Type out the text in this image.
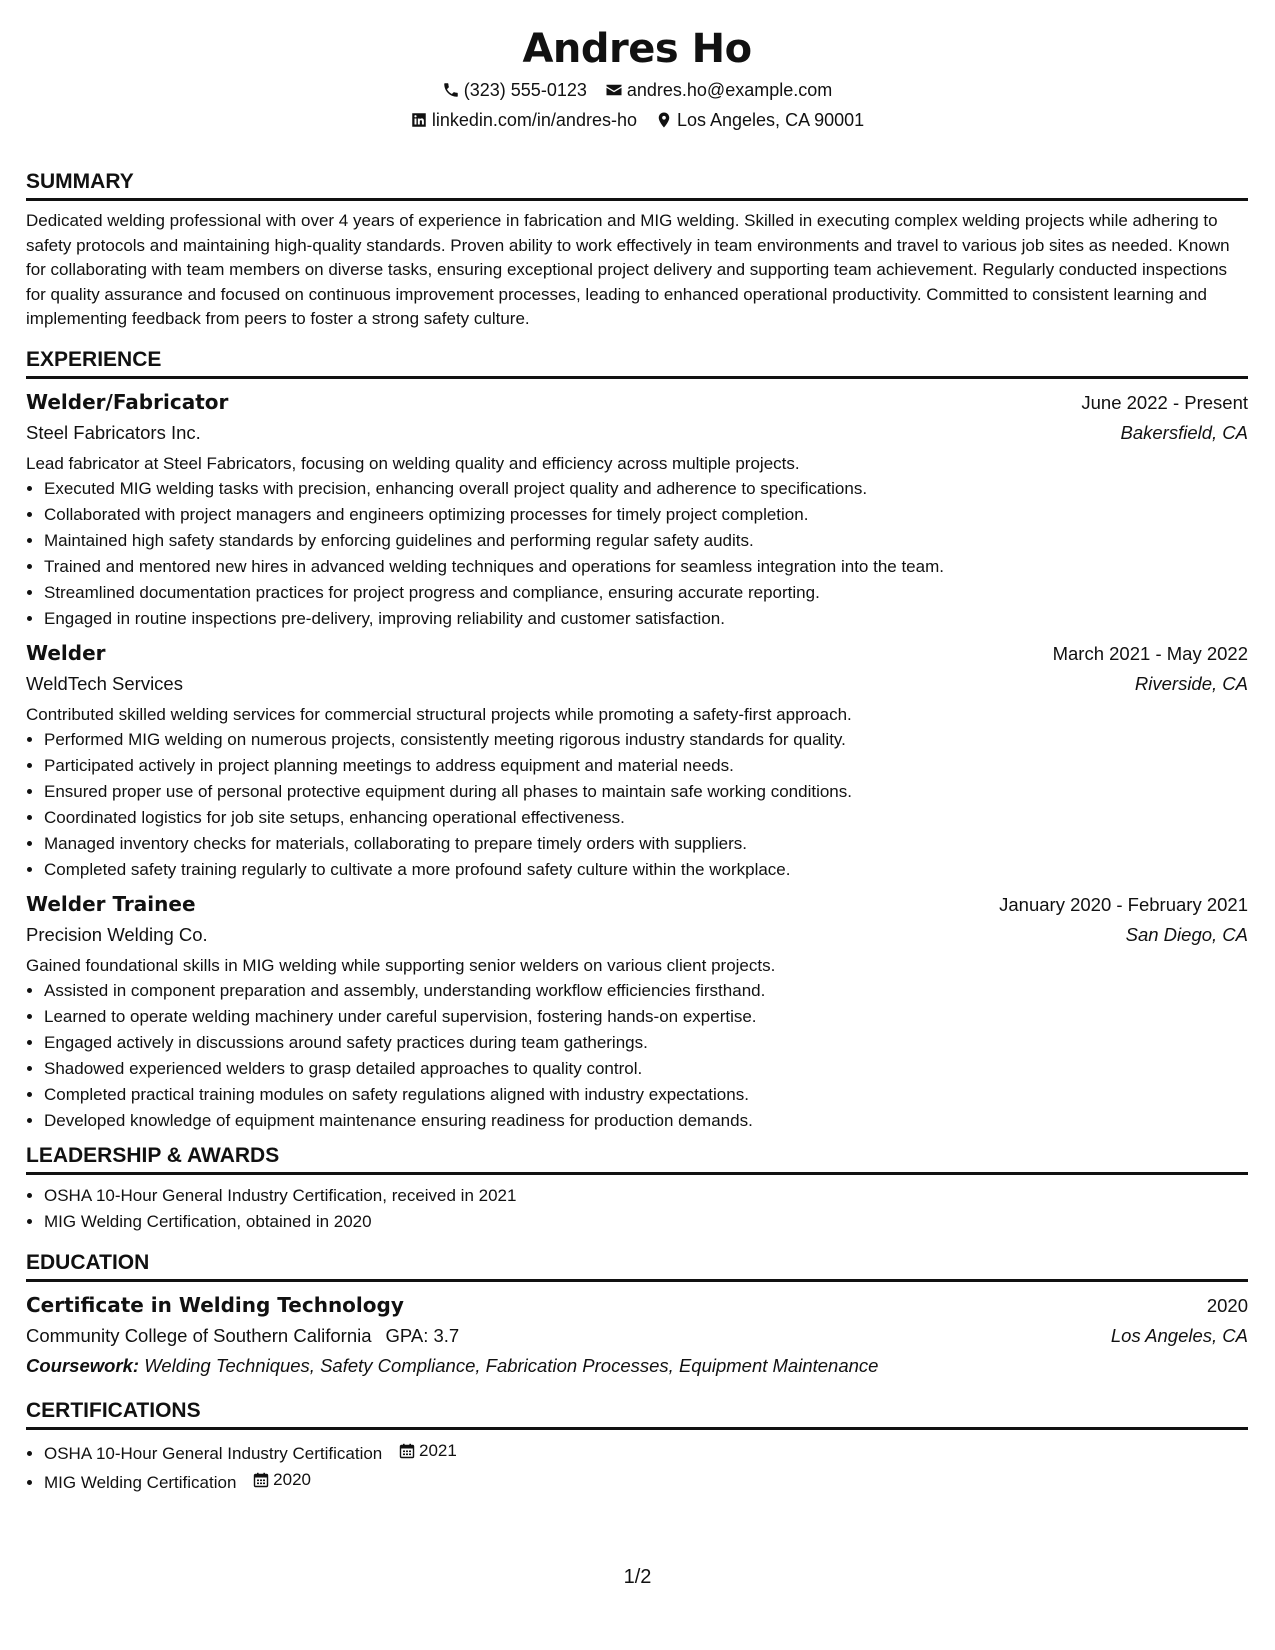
Andres Ho
(323) 555-0123 andres.ho@example.com
linkedin.com/in/andres-ho Los Angeles, CA 90001
SUMMARY

Dedicated welding professional with over 4 years of experience in fabrication and MIG welding. Skilled in executing complex welding projects while adhering to safety protocols and maintaining high-quality standards. Proven ability to work effectively in team environments and travel to various job sites as needed. Known for collaborating with team members on diverse tasks, ensuring exceptional project delivery and supporting team achievement. Regularly conducted inspections for quality assurance and focused on continuous improvement processes, leading to enhanced operational productivity. Committed to consistent learning and implementing feedback from peers to foster a strong safety culture.

EXPERIENCE
Welder/Fabricator	June 2022 - Present
Steel Fabricators Inc.	Bakersfield, CA
Lead fabricator at Steel Fabricators, focusing on welding quality and efficiency across multiple projects.
• Executed MIG welding tasks with precision, enhancing overall project quality and adherence to specifications.
• Collaborated with project managers and engineers optimizing processes for timely project completion.
• Maintained high safety standards by enforcing guidelines and performing regular safety audits.
• Trained and mentored new hires in advanced welding techniques and operations for seamless integration into the team.
• Streamlined documentation practices for project progress and compliance, ensuring accurate reporting.
• Engaged in routine inspections pre-delivery, improving reliability and customer satisfaction.
Welder	March 2021 - May 2022
WeldTech Services	Riverside, CA
Contributed skilled welding services for commercial structural projects while promoting a safety-first approach.
• Performed MIG welding on numerous projects, consistently meeting rigorous industry standards for quality.
• Participated actively in project planning meetings to address equipment and material needs.
• Ensured proper use of personal protective equipment during all phases to maintain safe working conditions.
• Coordinated logistics for job site setups, enhancing operational effectiveness.
• Managed inventory checks for materials, collaborating to prepare timely orders with suppliers.
• Completed safety training regularly to cultivate a more profound safety culture within the workplace.
Welder Trainee	January 2020 - February 2021
Precision Welding Co.	San Diego, CA
Gained foundational skills in MIG welding while supporting senior welders on various client projects.
• Assisted in component preparation and assembly, understanding workflow efficiencies firsthand.
• Learned to operate welding machinery under careful supervision, fostering hands-on expertise.
• Engaged actively in discussions around safety practices during team gatherings.
• Shadowed experienced welders to grasp detailed approaches to quality control.
• Completed practical training modules on safety regulations aligned with industry expectations.
• Developed knowledge of equipment maintenance ensuring readiness for production demands.
LEADERSHIP & AWARDS
• OSHA 10-Hour General Industry Certification, received in 2021
• MIG Welding Certification, obtained in 2020
EDUCATION
Certificate in Welding Technology	2020
Community College of Southern California GPA: 3.7	Los Angeles, CA
Coursework: Welding Techniques, Safety Compliance, Fabrication Processes, Equipment Maintenance
CERTIFICATIONS
• OSHA 10-Hour General Industry Certification 2021
• MIG Welding Certification 2020
1/2
